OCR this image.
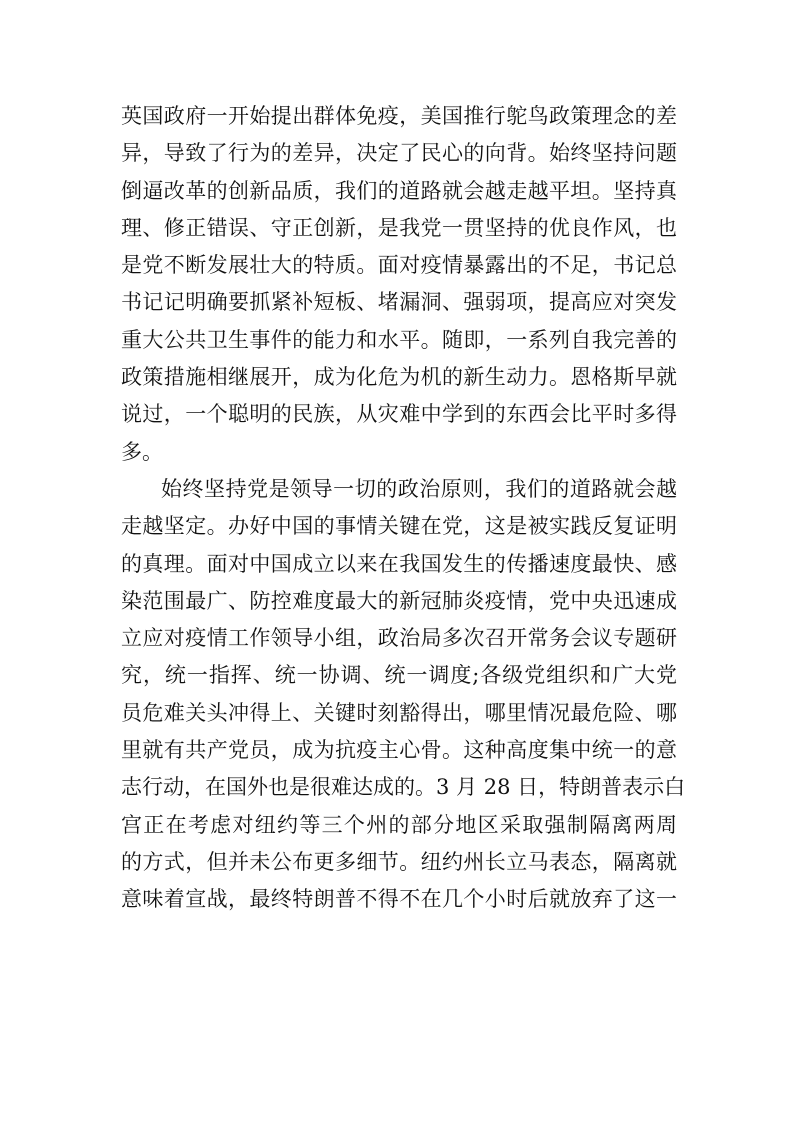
英国政府一开始提出群体免疫，美国推行鸵鸟政策理念的差
异，导致了行为的差异，决定了民心的向背。始终坚持问题
倒逼改革的创新品质，我们的道路就会越走越平坦。坚持真
理、修正错误、守正创新，是我党一贯坚持的优良作风，也
是党不断发展壮大的特质。面对疫情暴露出的不足，书记总
书记记明确要抓紧补短板、堵漏洞、强弱项，提高应对突发
重大公共卫生事件的能力和水平。随即，一系列自我完善的
政策措施相继展开，成为化危为机的新生动力。恩格斯早就
说过，一个聪明的民族，从灾难中学到的东西会比平时多得
多。
始终坚持党是领导一切的政治原则，我们的道路就会越
走越坚定。办好中国的事情关键在党，这是被实践反复证明
的真理。面对中国成立以来在我国发生的传播速度最快、感
染范围最广、防控难度最大的新冠肺炎疫情，党中央迅速成
立应对疫情工作领导小组，政治局多次召开常务会议专题研
究，统一指挥、统一协调、统一调度;各级党组织和广大党
员危难关头冲得上、关键时刻豁得出，哪里情况最危险、哪
里就有共产党员，成为抗疫主心骨。这种高度集中统一的意
志行动，在国外也是很难达成的。3 月 28 日，特朗普表示白
宫正在考虑对纽约等三个州的部分地区采取强制隔离两周
的方式，但并未公布更多细节。纽约州长立马表态，隔离就
意味着宣战，最终特朗普不得不在几个小时后就放弃了这一
